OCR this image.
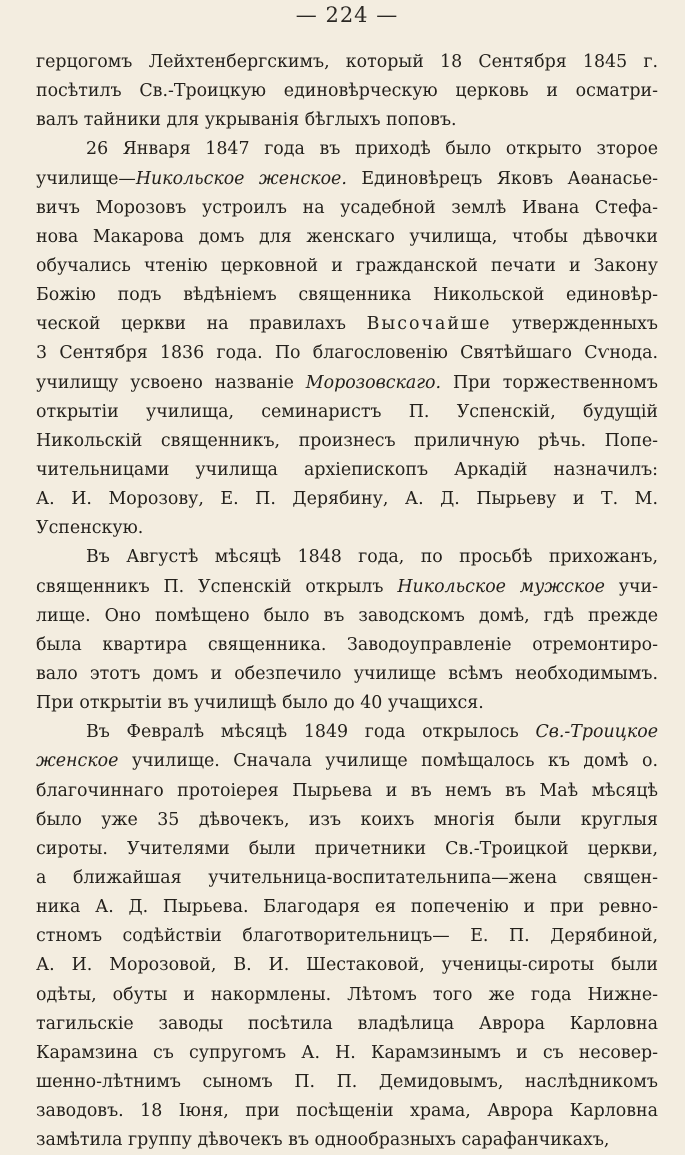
— 224 —
герцогомъ Лейхтенбергскимъ, который 18 Сентября 1845 г.
посѣтилъ Св.-Троицкую единовѣрческую церковь и осматри-
валъ тайники для укрыванія бѣглыхъ поповъ.
26 Января 1847 года въ приходѣ было открыто зторое
училище—Никольское женское. Единовѣрецъ Яковъ Аѳанасье-
вичъ Морозовъ устроилъ на усадебной землѣ Ивана Стефа-
нова Макарова домъ для женскаго училища, чтобы дѣвочки
обучались чтенію церковной и гражданской печати и Закону
Божію подъ вѣдѣніемъ священника Никольской единовѣр-
ческой церкви на правилахъ Высочайше утвержденныхъ
3 Сентября 1836 года. По благословенію Святѣйшаго Сѵнода.
училищу усвоено названіе Морозовскаго. При торжественномъ
открытіи училища, семинаристъ П. Успенскій, будущій
Никольскій священникъ, произнесъ приличную рѣчь. Попе-
чительницами училища архіепископъ Аркадій назначилъ:
А. И. Морозову, Е. П. Дерябину, А. Д. Пырьеву и Т. М.
Успенскую.
Въ Августѣ мѣсяцѣ 1848 года, по просьбѣ прихожанъ,
священникъ П. Успенскій открылъ Никольское мужское учи-
лище. Оно помѣщено было въ заводскомъ домѣ, гдѣ прежде
была квартира священника. Заводоуправленіе отремонтиро-
вало этотъ домъ и обезпечило училище всѣмъ необходимымъ.
При открытіи въ училищѣ было до 40 учащихся.
Въ Февралѣ мѣсяцѣ 1849 года открылось Св.-Троицкое
женское училище. Сначала училище помѣщалось къ домѣ о.
благочиннаго протоіерея Пырьева и въ немъ въ Маѣ мѣсяцѣ
было уже 35 дѣвочекъ, изъ коихъ многія были круглыя
сироты. Учителями были причетники Св.-Троицкой церкви,
а ближайшая учительница-воспитательнипа—жена священ-
ника А. Д. Пырьева. Благодаря ея попеченію и при ревно-
стномъ содѣйствіи благотворительницъ— Е. П. Дерябиной,
А. И. Морозовой, В. И. Шестаковой, ученицы-сироты были
одѣты, обуты и накормлены. Лѣтомъ того же года Нижне-
тагильскіе заводы посѣтила владѣлица Аврора Карловна
Карамзина съ супругомъ А. Н. Карамзинымъ и съ несовер-
шенно-лѣтнимъ сыномъ П. П. Демидовымъ, наслѣдникомъ
заводовъ. 18 Іюня, при посѣщеніи храма, Аврора Карловна
замѣтила группу дѣвочекъ въ однообразныхъ сарафанчикахъ,
